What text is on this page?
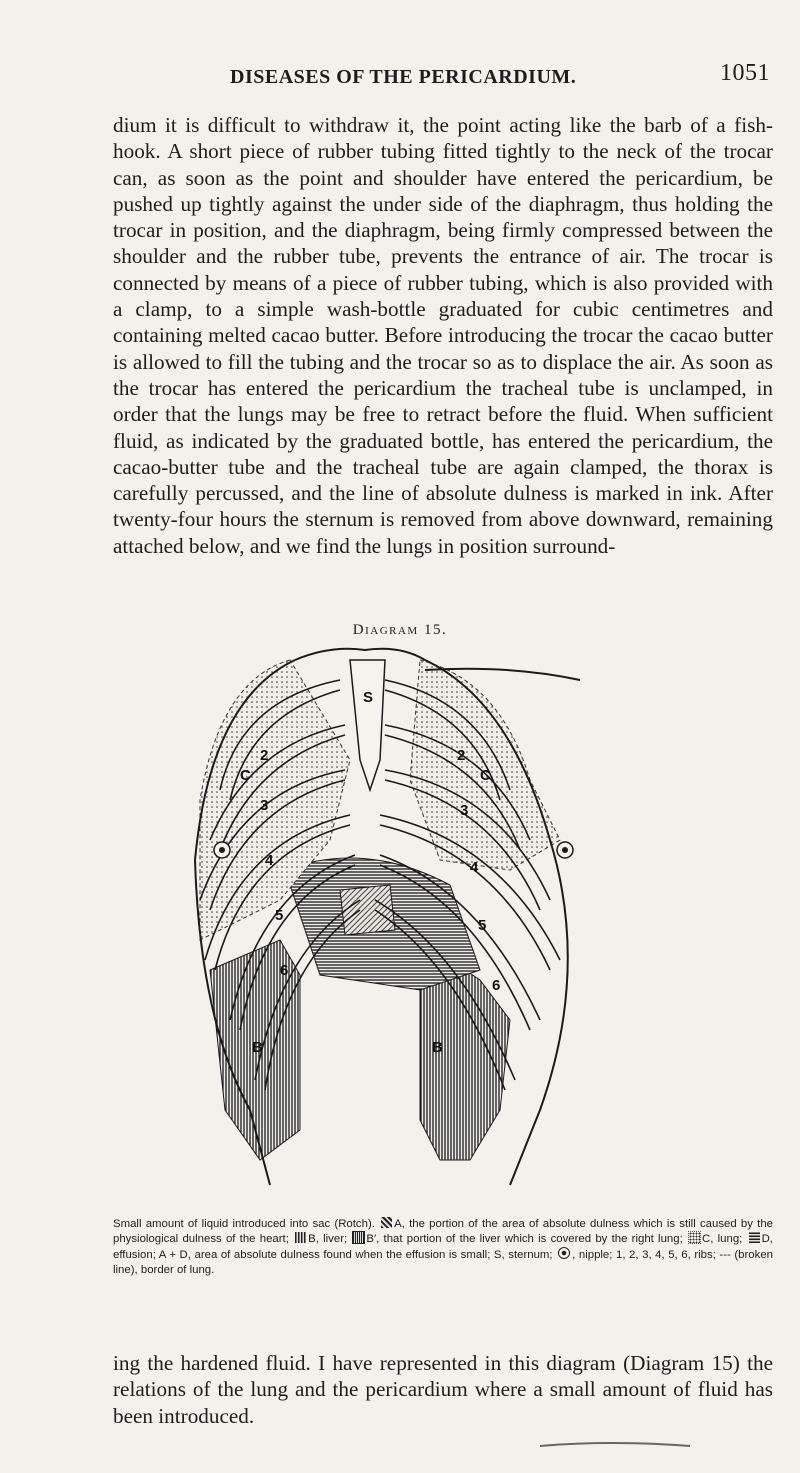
DISEASES OF THE PERICARDIUM.	1051

dium it is difficult to withdraw it, the point acting like the barb of a fish-hook. A short piece of rubber tubing fitted tightly to the neck of the trocar can, as soon as the point and shoulder have entered the pericardium, be pushed up tightly against the under side of the diaphragm, thus holding the trocar in position, and the diaphragm, being firmly compressed between the shoulder and the rubber tube, prevents the entrance of air. The trocar is connected by means of a piece of rubber tubing, which is also provided with a clamp, to a simple wash-bottle graduated for cubic centimetres and containing melted cacao butter. Before introducing the trocar the cacao butter is allowed to fill the tubing and the trocar so as to displace the air. As soon as the trocar has entered the pericardium the tracheal tube is unclamped, in order that the lungs may be free to retract before the fluid. When sufficient fluid, as indicated by the graduated bottle, has entered the pericardium, the cacao-butter tube and the tracheal tube are again clamped, the thorax is carefully percussed, and the line of absolute dulness is marked in ink. After twenty-four hours the sternum is removed from above downward, remaining attached below, and we find the lungs in position surround-

Diagram 15.
S
C	C
B	B
2
3
4
5
6
2
3
4
5
6
Small amount of liquid introduced into sac (Rotch). A, the portion of the area of absolute dulness which is still caused by the physiological dulness of the heart; B, liver; B′, that portion of the liver which is covered by the right lung; C, lung; D, effusion; A + D, area of absolute dulness found when the effusion is small; S, sternum; , nipple; 1, 2, 3, 4, 5, 6, ribs; --- (broken line), border of lung.

ing the hardened fluid. I have represented in this diagram (Diagram 15) the relations of the lung and the pericardium where a small amount of fluid has been introduced.
